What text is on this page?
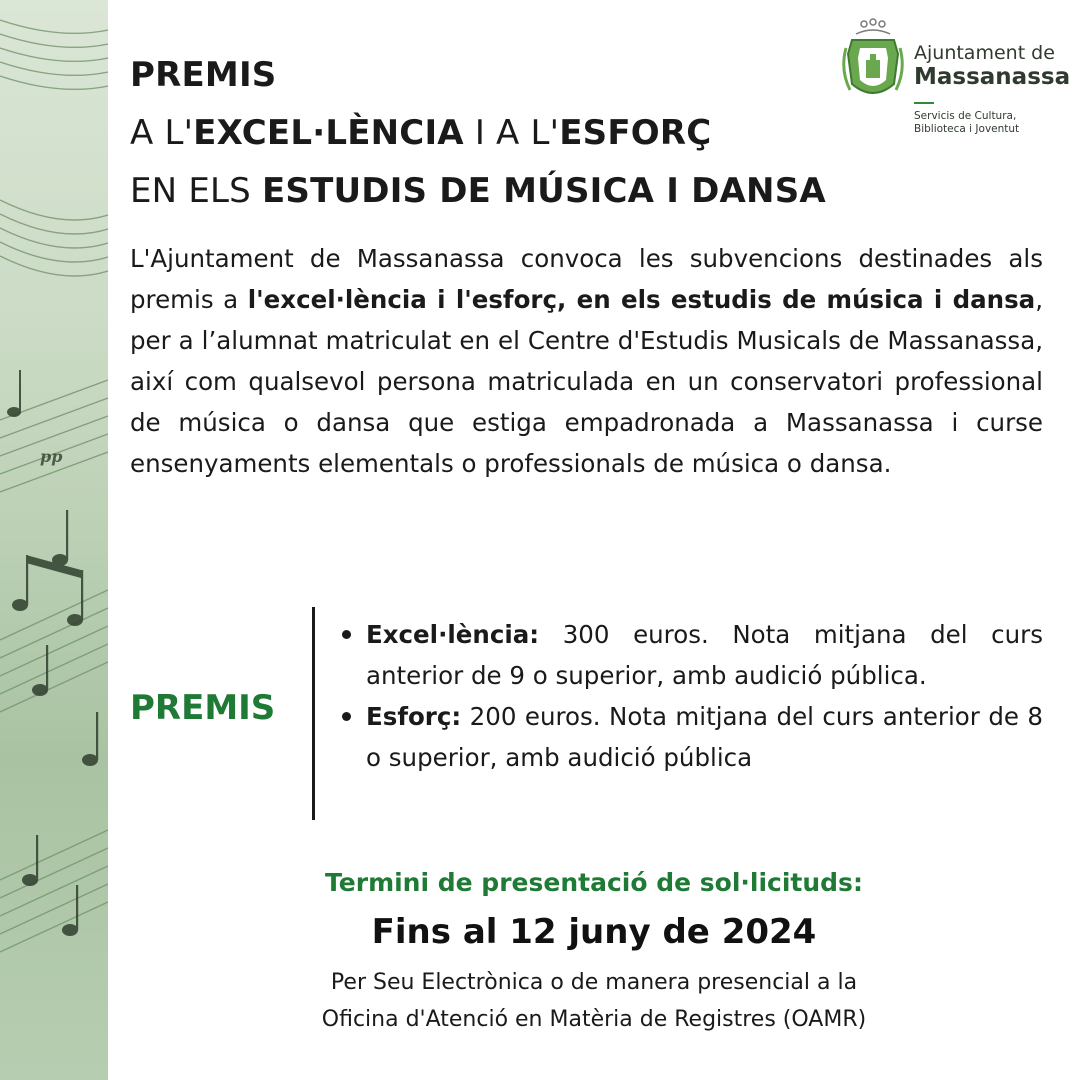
pp
PREMIS
A L'EXCEL·LÈNCIA I A L'ESFORÇ
EN ELS ESTUDIS DE MÚSICA I DANSA
Ajuntament de
Massanassa
Servicis de Cultura,
Biblioteca i Joventut

L'Ajuntament de Massanassa convoca les subvencions destinades als premis a l'excel·lència i l'esforç, en els estudis de música i dansa, per a l’alumnat matriculat en el Centre d'Estudis Musicals de Massanassa, així com qualsevol persona matriculada en un conservatori professional de música o dansa que estiga empadronada a Massanassa i curse ensenyaments elementals o professionals de música o dansa.

PREMIS
Excel·lència: 300 euros. Nota mitjana del curs anterior de 9 o superior, amb audició pública.
Esforç: 200 euros. Nota mitjana del curs anterior de 8 o superior, amb audició pública
Termini de presentació de sol·licituds:
Fins al 12 juny de 2024
Per Seu Electrònica o de manera presencial a la
Oficina d'Atenció en Matèria de Registres (OAMR)
